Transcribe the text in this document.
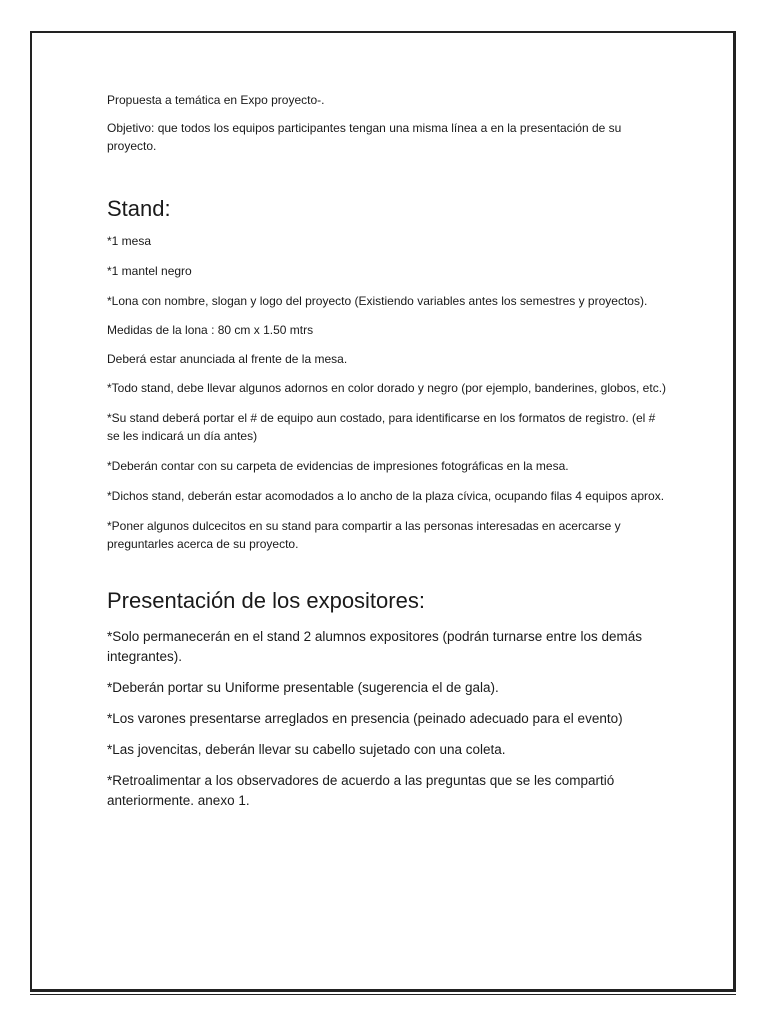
Propuesta a temática en Expo proyecto-.

Objetivo: que todos los equipos participantes tengan una misma línea a en la presentación de su proyecto.

Stand:

*1 mesa

*1 mantel negro

*Lona con nombre, slogan y logo del proyecto (Existiendo variables antes los semestres y proyectos).

Medidas de la lona : 80 cm x 1.50 mtrs

Deberá estar anunciada al frente de la mesa.

*Todo stand, debe llevar algunos adornos en color dorado y negro (por ejemplo, banderines, globos, etc.)

*Su stand deberá portar el # de equipo aun costado, para identificarse en los formatos de registro. (el # se les indicará un día antes)

*Deberán contar con su carpeta de evidencias de impresiones fotográficas en la mesa.

*Dichos stand, deberán estar acomodados a lo ancho de la plaza cívica, ocupando filas 4 equipos aprox.

*Poner algunos dulcecitos en su stand para compartir a las personas interesadas en acercarse y preguntarles acerca de su proyecto.

Presentación de los expositores:

*Solo permanecerán en el stand 2 alumnos expositores (podrán turnarse entre los demás integrantes).

*Deberán portar su Uniforme presentable (sugerencia el de gala).

*Los varones presentarse arreglados en presencia (peinado adecuado para el evento)

*Las jovencitas, deberán llevar su cabello sujetado con una coleta.

*Retroalimentar a los observadores de acuerdo a las preguntas que se les compartió anteriormente. anexo 1.
